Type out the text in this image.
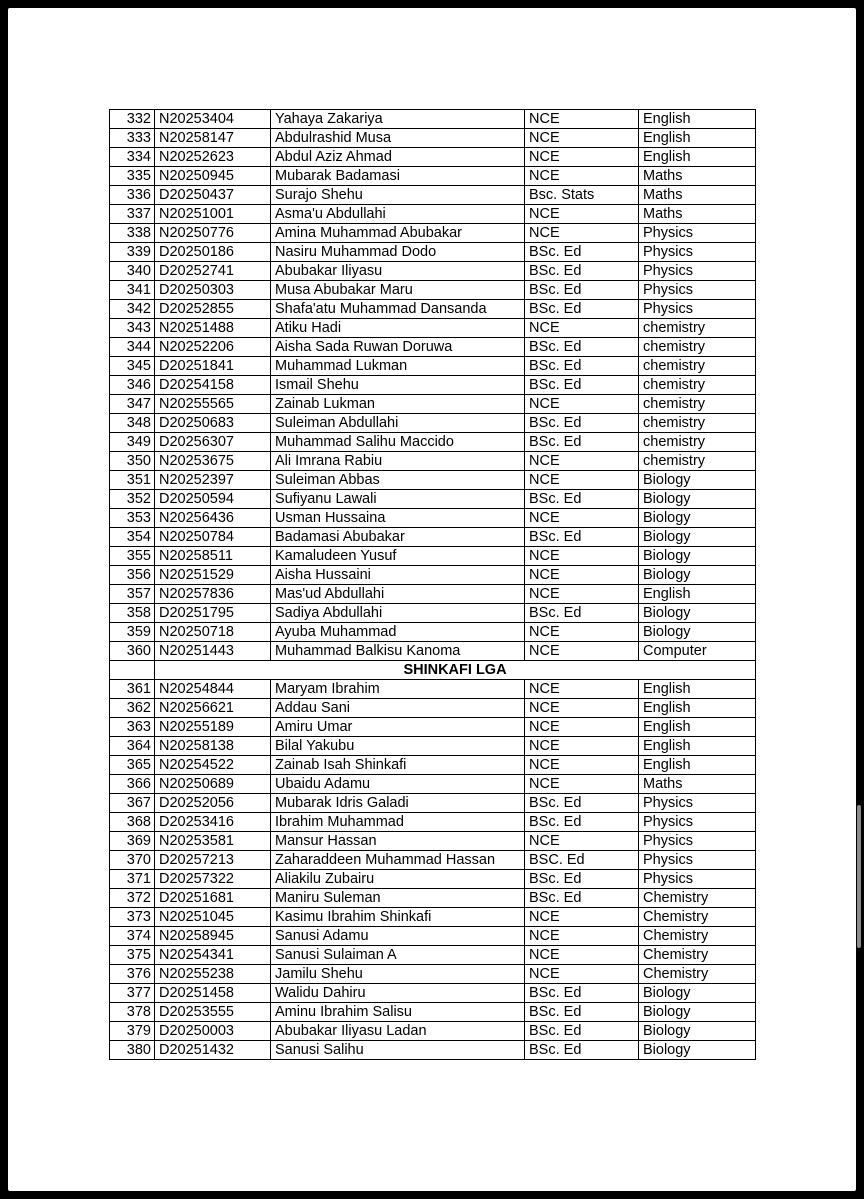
332	N20253404	Yahaya Zakariya	NCE	English
333	N20258147	Abdulrashid Musa	NCE	English
334	N20252623	Abdul Aziz Ahmad	NCE	English
335	N20250945	Mubarak Badamasi	NCE	Maths
336	D20250437	Surajo Shehu	Bsc. Stats	Maths
337	N20251001	Asma'u Abdullahi	NCE	Maths
338	N20250776	Amina Muhammad Abubakar	NCE	Physics
339	D20250186	Nasiru Muhammad Dodo	BSc. Ed	Physics
340	D20252741	Abubakar Iliyasu	BSc. Ed	Physics
341	D20250303	Musa Abubakar Maru	BSc. Ed	Physics
342	D20252855	Shafa'atu Muhammad Dansanda	BSc. Ed	Physics
343	N20251488	Atiku Hadi	NCE	chemistry
344	N20252206	Aisha Sada Ruwan Doruwa	BSc. Ed	chemistry
345	D20251841	Muhammad Lukman	BSc. Ed	chemistry
346	D20254158	Ismail Shehu	BSc. Ed	chemistry
347	N20255565	Zainab Lukman	NCE	chemistry
348	D20250683	Suleiman Abdullahi	BSc. Ed	chemistry
349	D20256307	Muhammad Salihu Maccido	BSc. Ed	chemistry
350	N20253675	Ali Imrana Rabiu	NCE	chemistry
351	N20252397	Suleiman Abbas	NCE	Biology
352	D20250594	Sufiyanu Lawali	BSc. Ed	Biology
353	N20256436	Usman Hussaina	NCE	Biology
354	N20250784	Badamasi Abubakar	BSc. Ed	Biology
355	N20258511	Kamaludeen Yusuf	NCE	Biology
356	N20251529	Aisha Hussaini	NCE	Biology
357	N20257836	Mas'ud Abdullahi	NCE	English
358	D20251795	Sadiya Abdullahi	BSc. Ed	Biology
359	N20250718	Ayuba Muhammad	NCE	Biology
360	N20251443	Muhammad Balkisu Kanoma	NCE	Computer
	SHINKAFI LGA			
361	N20254844	Maryam Ibrahim	NCE	English
362	N20256621	Addau Sani	NCE	English
363	N20255189	Amiru Umar	NCE	English
364	N20258138	Bilal Yakubu	NCE	English
365	N20254522	Zainab Isah Shinkafi	NCE	English
366	N20250689	Ubaidu Adamu	NCE	Maths
367	D20252056	Mubarak Idris Galadi	BSc. Ed	Physics
368	D20253416	Ibrahim Muhammad	BSc. Ed	Physics
369	N20253581	Mansur Hassan	NCE	Physics
370	D20257213	Zaharaddeen Muhammad Hassan	BSC. Ed	Physics
371	D20257322	Aliakilu Zubairu	BSc. Ed	Physics
372	D20251681	Maniru Suleman	BSc. Ed	Chemistry
373	N20251045	Kasimu Ibrahim Shinkafi	NCE	Chemistry
374	N20258945	Sanusi Adamu	NCE	Chemistry
375	N20254341	Sanusi Sulaiman A	NCE	Chemistry
376	N20255238	Jamilu Shehu	NCE	Chemistry
377	D20251458	Walidu Dahiru	BSc. Ed	Biology
378	D20253555	Aminu Ibrahim Salisu	BSc. Ed	Biology
379	D20250003	Abubakar Iliyasu Ladan	BSc. Ed	Biology
380	D20251432	Sanusi Salihu	BSc. Ed	Biology
